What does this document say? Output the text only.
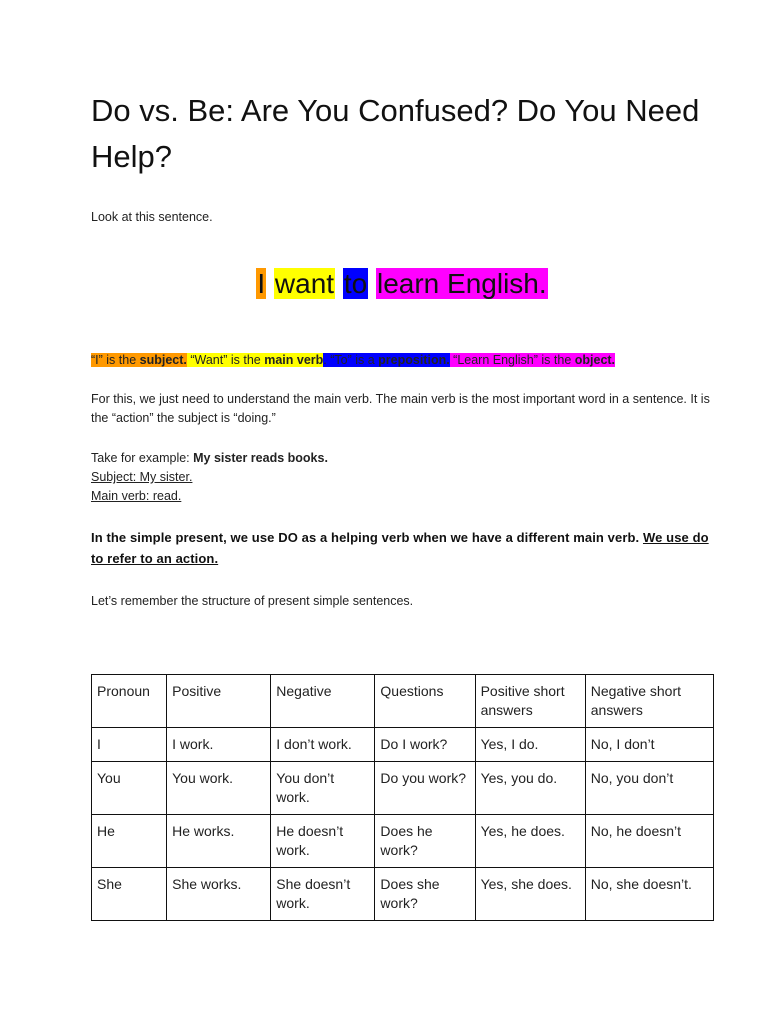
Do vs. Be: Are You Confused? Do You Need Help?

Look at this sentence.

I want to learn English.

“I” is the subject. “Want” is the main verb. “To” is a preposition. “Learn English” is the object.

For this, we just need to understand the main verb. The main verb is the most important word in a sentence. It is the “action” the subject is “doing.”

Take for example: My sister reads books.
Subject: My sister.
Main verb: read.

In the simple present, we use DO as a helping verb when we have a different main verb. We use do to refer to an action.

Let’s remember the structure of present simple sentences.

Pronoun	Positive	Negative	Questions	Positive short answers	Negative short answers
I	I work.	I don’t work.	Do I work?	Yes, I do.	No, I don’t
You	You work.	You don’t work.	Do you work?	Yes, you do.	No, you don’t
He	He works.	He doesn’t work.	Does he work?	Yes, he does.	No, he doesn’t
She	She works.	She doesn’t work.	Does she work?	Yes, she does.	No, she doesn’t.
